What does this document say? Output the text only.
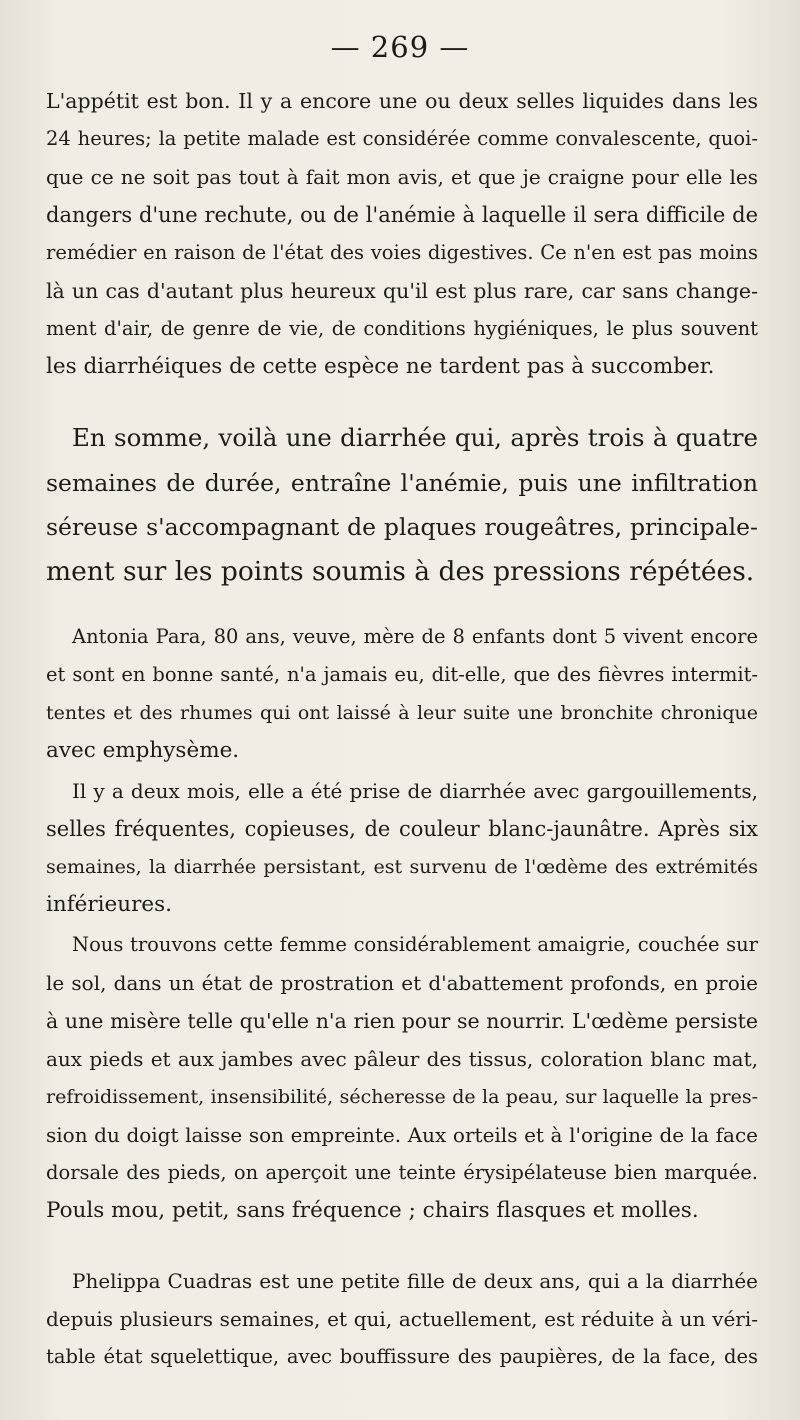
— 269 —
L'appétit est bon. Il y a encore une ou deux selles liquides dans les
24 heures; la petite malade est considérée comme convalescente, quoi-
que ce ne soit pas tout à fait mon avis, et que je craigne pour elle les
dangers d'une rechute, ou de l'anémie à laquelle il sera difficile de
remédier en raison de l'état des voies digestives. Ce n'en est pas moins
là un cas d'autant plus heureux qu'il est plus rare, car sans change-
ment d'air, de genre de vie, de conditions hygiéniques, le plus souvent
les diarrhéiques de cette espèce ne tardent pas à succomber.
En somme, voilà une diarrhée qui, après trois à quatre
semaines de durée, entraîne l'anémie, puis une infiltration
séreuse s'accompagnant de plaques rougeâtres, principale-
ment sur les points soumis à des pressions répétées.
Antonia Para, 80 ans, veuve, mère de 8 enfants dont 5 vivent encore
et sont en bonne santé, n'a jamais eu, dit-elle, que des fièvres intermit-
tentes et des rhumes qui ont laissé à leur suite une bronchite chronique
avec emphysème.
Il y a deux mois, elle a été prise de diarrhée avec gargouillements,
selles fréquentes, copieuses, de couleur blanc-jaunâtre. Après six
semaines, la diarrhée persistant, est survenu de l'œdème des extrémités
inférieures.
Nous trouvons cette femme considérablement amaigrie, couchée sur
le sol, dans un état de prostration et d'abattement profonds, en proie
à une misère telle qu'elle n'a rien pour se nourrir. L'œdème persiste
aux pieds et aux jambes avec pâleur des tissus, coloration blanc mat,
refroidissement, insensibilité, sécheresse de la peau, sur laquelle la pres-
sion du doigt laisse son empreinte. Aux orteils et à l'origine de la face
dorsale des pieds, on aperçoit une teinte érysipélateuse bien marquée.
Pouls mou, petit, sans fréquence ; chairs flasques et molles.
Phelippa Cuadras est une petite fille de deux ans, qui a la diarrhée
depuis plusieurs semaines, et qui, actuellement, est réduite à un véri-
table état squelettique, avec bouffissure des paupières, de la face, des
